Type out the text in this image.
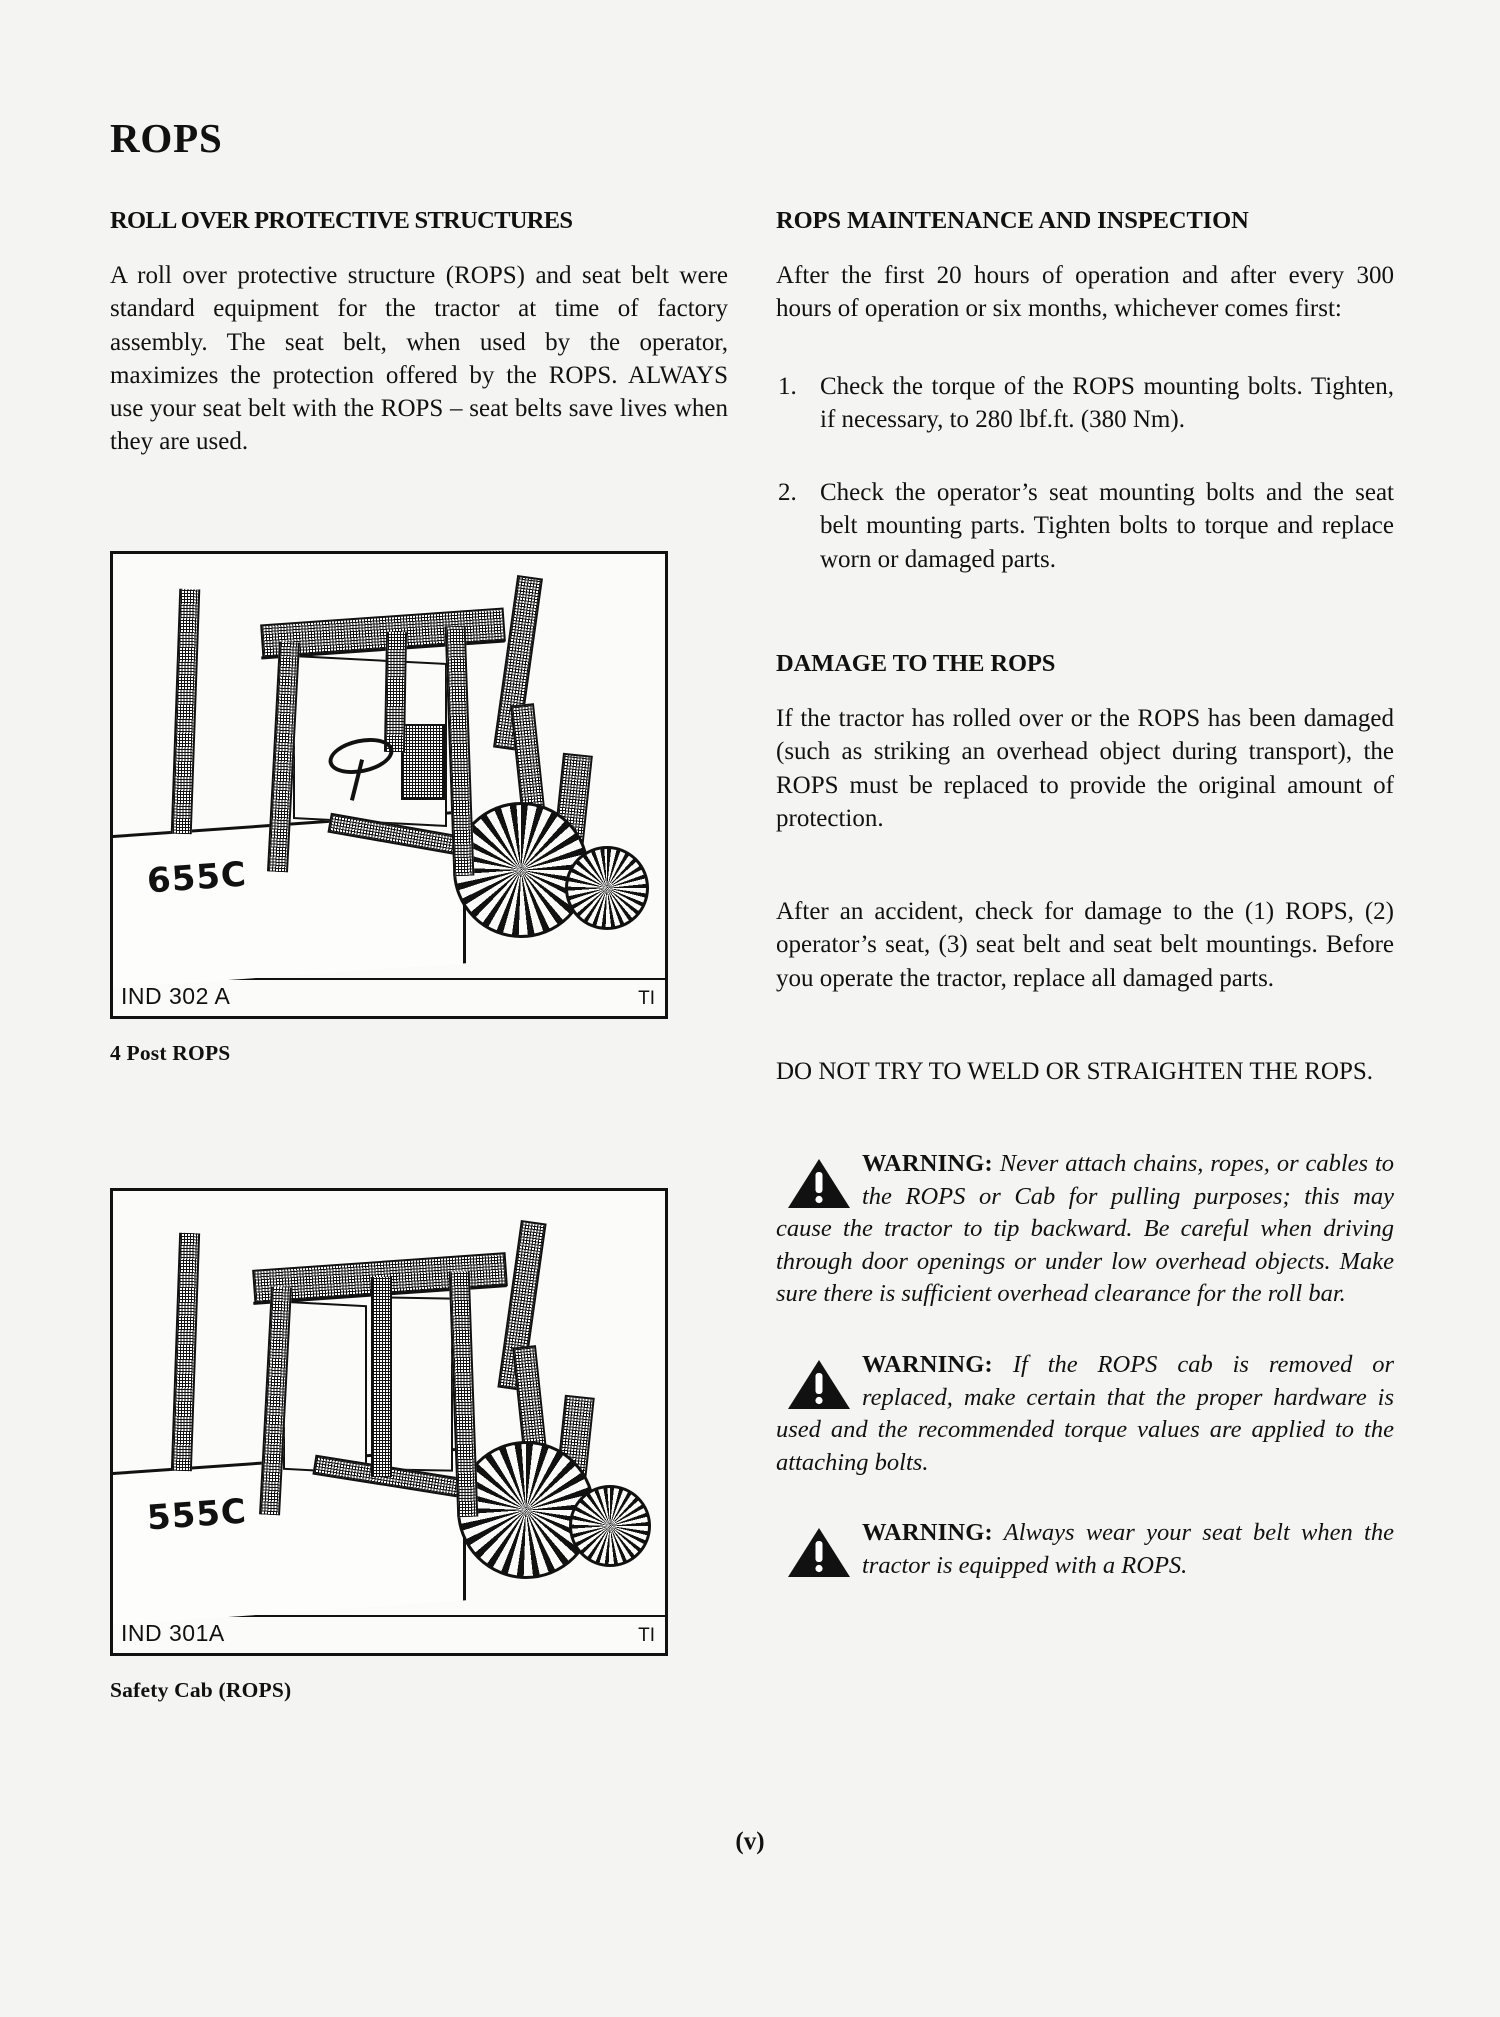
ROPS
ROLL OVER PROTECTIVE STRUCTURES

A roll over protective structure (ROPS) and seat belt were standard equipment for the tractor at time of factory assembly. The seat belt, when used by the operator, maximizes the protection offered by the ROPS. ALWAYS use your seat belt with the ROPS – seat belts save lives when they are used.

655C
IND 302 A	TI
4 Post ROPS
555C
IND 301A	TI
Safety Cab (ROPS)
ROPS MAINTENANCE AND INSPECTION

After the first 20 hours of operation and after every 300 hours of operation or six months, whichever comes first:

1. Check the torque of the ROPS mounting bolts. Tighten, if necessary, to 280 lbf.ft. (380 Nm).
2. Check the operator’s seat mounting bolts and the seat belt mounting parts. Tighten bolts to torque and replace worn or damaged parts.
DAMAGE TO THE ROPS

If the tractor has rolled over or the ROPS has been damaged (such as striking an overhead object during transport), the ROPS must be replaced to provide the original amount of protection.

After an accident, check for damage to the (1) ROPS, (2) operator’s seat, (3) seat belt and seat belt mountings. Before you operate the tractor, replace all damaged parts.

DO NOT TRY TO WELD OR STRAIGHTEN THE ROPS.

WARNING: Never attach chains, ropes, or cables to the ROPS or Cab for pulling purposes; this may cause the tractor to tip backward. Be careful when driving through door openings or under low overhead objects. Make sure there is sufficient overhead clearance for the roll bar.
WARNING: If the ROPS cab is removed or replaced, make certain that the proper hardware is used and the recommended torque values are applied to the attaching bolts.
WARNING: Always wear your seat belt when the tractor is equipped with a ROPS.
(v)
